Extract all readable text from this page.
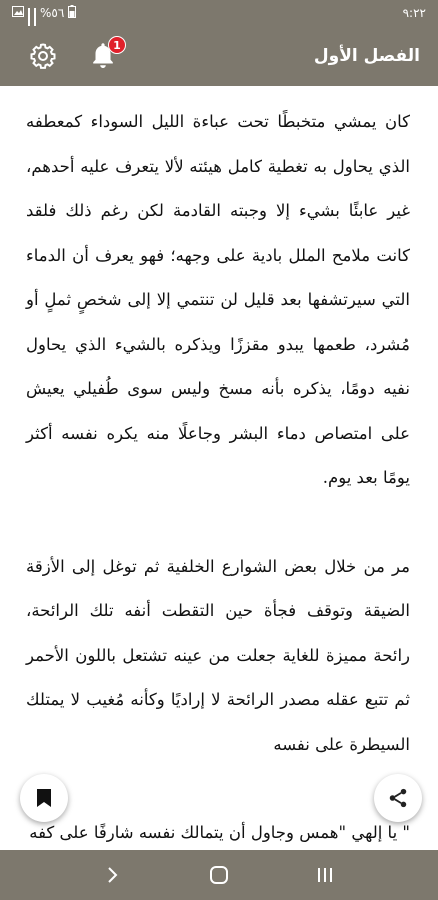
%٥٦	٩:٢٢
1
الفصل الأول

كان يمشي متخبطًا تحت عباءة الليل السوداء كمعطفه الذي يحاول به تغطية كامل هيئته لألا يتعرف عليه أحدهم، غير عابئًا بشيء إلا وجبته القادمة لكن رغم ذلك فلقد كانت ملامح الملل بادية على وجهه؛ فهو يعرف أن الدماء التي سيرتشفها بعد قليل لن تنتمي إلا إلى شخصٍ ثملٍ أو مُشرد، طعمها يبدو مقززًا ويذكره بالشيء الذي يحاول نفيه دومًا، يذكره بأنه مسخ وليس سوى طُفيلي يعيش على امتصاص دماء البشر وجاعلًا منه يكره نفسه أكثر يومًا بعد يوم.

مر من خلال بعض الشوارع الخلفية ثم توغل إلى الأزقة الضيقة وتوقف فجأة حين التقطت أنفه تلك الرائحة، رائحة مميزة للغاية جعلت من عينه تشتعل باللون الأحمر ثم تتبع عقله مصدر الرائحة لا إراديًا وكأنه مُغيب لا يمتلك السيطرة على نفسه

" يا إلهي "همس وجاول أن يتمالك نفسه شارفًا على كفه
